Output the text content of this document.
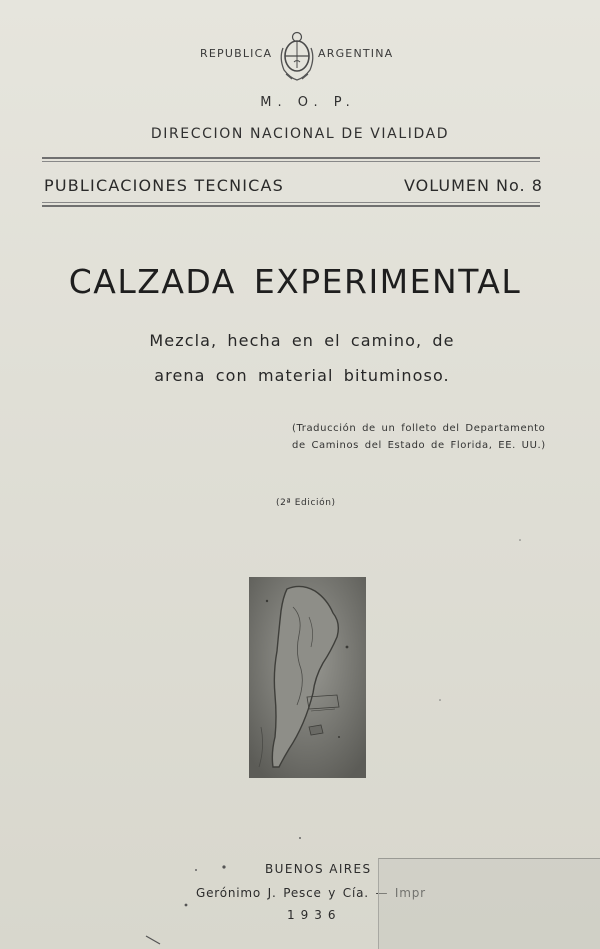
REPUBLICA	ARGENTINA
M. O. P.
DIRECCION NACIONAL DE VIALIDAD
PUBLICACIONES TECNICAS	VOLUMEN No. 8
CALZADA EXPERIMENTAL
Mezcla, hecha en el camino, de
arena con material bituminoso.
(Traducción de un folleto del Departamento
de Caminos del Estado de Florida, EE. UU.)
(2ª Edición)
BUENOS AIRES
Gerónimo J. Pesce y Cía. — Impr
1936
